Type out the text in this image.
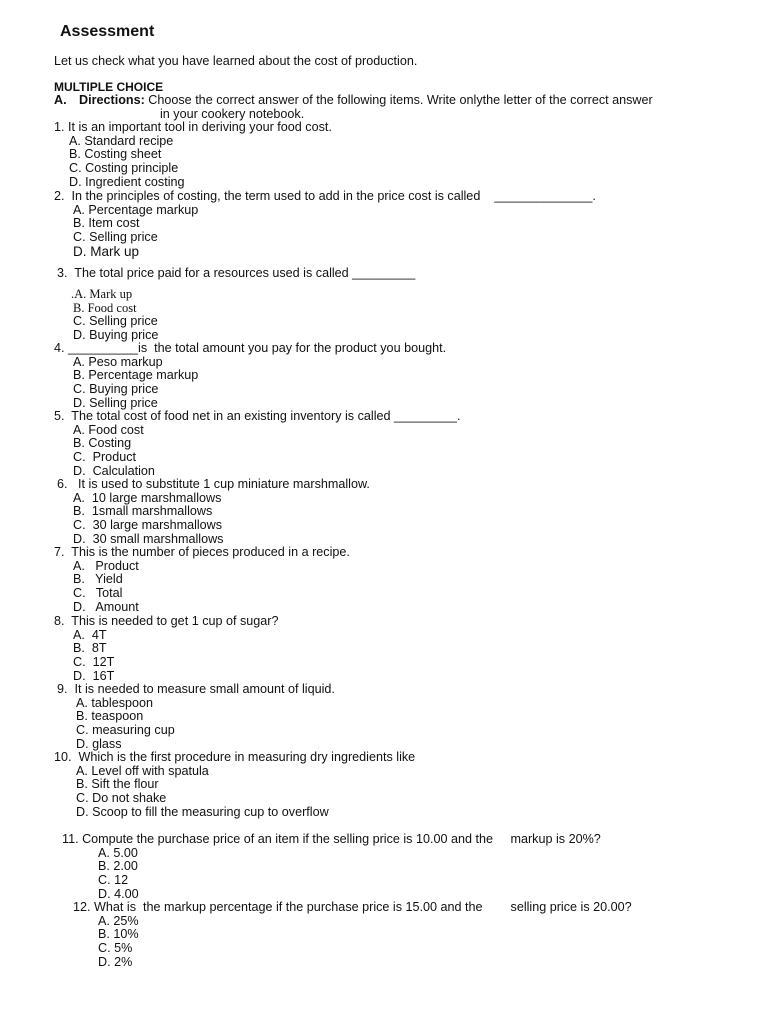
Assessment
Let us check what you have learned about the cost of production.
MULTIPLE CHOICE
A. Directions: Choose the correct answer of the following items. Write onlythe letter of the correct answer
in your cookery notebook.
1. It is an important tool in deriving your food cost.
A. Standard recipe
B. Costing sheet
C. Costing principle
D. Ingredient costing
2.  In the principles of costing, the term used to add in the price cost is called    ______________.
A. Percentage markup
B. Item cost
C. Selling price
D. Mark up
3.  The total price paid for a resources used is called _________
.A. Mark up
B. Food cost
C. Selling price
D. Buying price
4. __________is  the total amount you pay for the product you bought.
A. Peso markup
B. Percentage markup
C. Buying price
D. Selling price
5.  The total cost of food net in an existing inventory is called _________.
A. Food cost
B. Costing
C.  Product
D.  Calculation
6.   It is used to substitute 1 cup miniature marshmallow.
A.  10 large marshmallows
B.  1small marshmallows
C.  30 large marshmallows
D.  30 small marshmallows
7.  This is the number of pieces produced in a recipe.
A.   Product
B.   Yield
C.   Total
D.   Amount
8.  This is needed to get 1 cup of sugar?
A.  4T
B.  8T
C.  12T
D.  16T
9.  It is needed to measure small amount of liquid.
A. tablespoon
B. teaspoon
C. measuring cup
D. glass
10.  Which is the first procedure in measuring dry ingredients like
A. Level off with spatula
B. Sift the flour
C. Do not shake
D. Scoop to fill the measuring cup to overflow
11. Compute the purchase price of an item if the selling price is 10.00 and the     markup is 20%?
A. 5.00
B. 2.00
C. 12
D. 4.00
12. What is  the markup percentage if the purchase price is 15.00 and the        selling price is 20.00?
A. 25%
B. 10%
C. 5%
D. 2%
